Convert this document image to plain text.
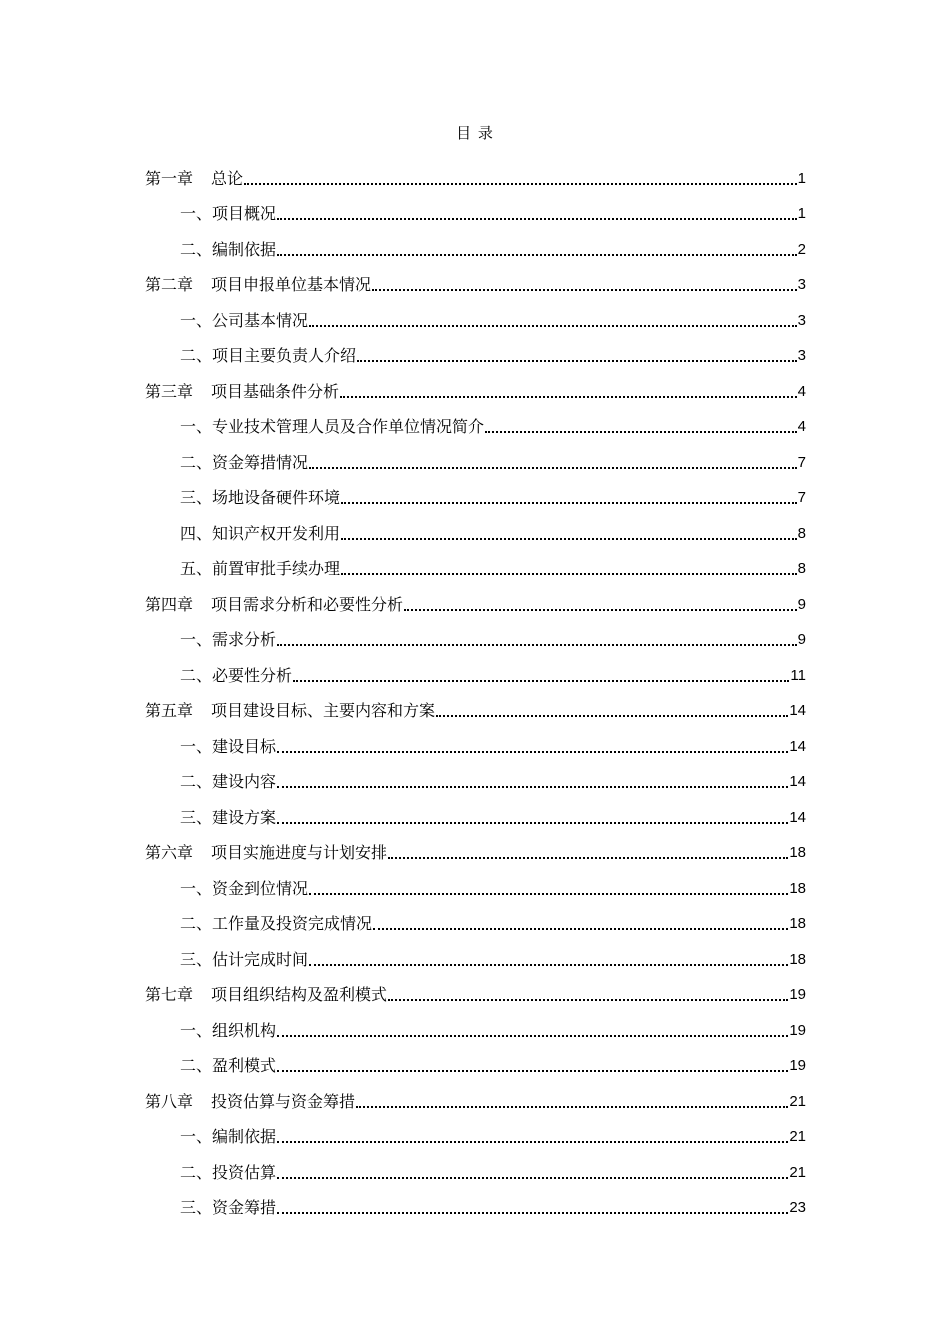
目 录
第一章 总论	1
一、项目概况	1
二、编制依据	2
第二章 项目申报单位基本情况	3
一、公司基本情况	3
二、项目主要负责人介绍	3
第三章 项目基础条件分析	4
一、专业技术管理人员及合作单位情况简介	4
二、资金筹措情况	7
三、场地设备硬件环境	7
四、知识产权开发利用	8
五、前置审批手续办理	8
第四章 项目需求分析和必要性分析	9
一、需求分析	9
二、必要性分析	11
第五章 项目建设目标、主要内容和方案	14
一、建设目标	14
二、建设内容	14
三、建设方案	14
第六章 项目实施进度与计划安排	18
一、资金到位情况	18
二、工作量及投资完成情况	18
三、估计完成时间	18
第七章 项目组织结构及盈利模式	19
一、组织机构	19
二、盈利模式	19
第八章 投资估算与资金筹措	21
一、编制依据	21
二、投资估算	21
三、资金筹措	23
